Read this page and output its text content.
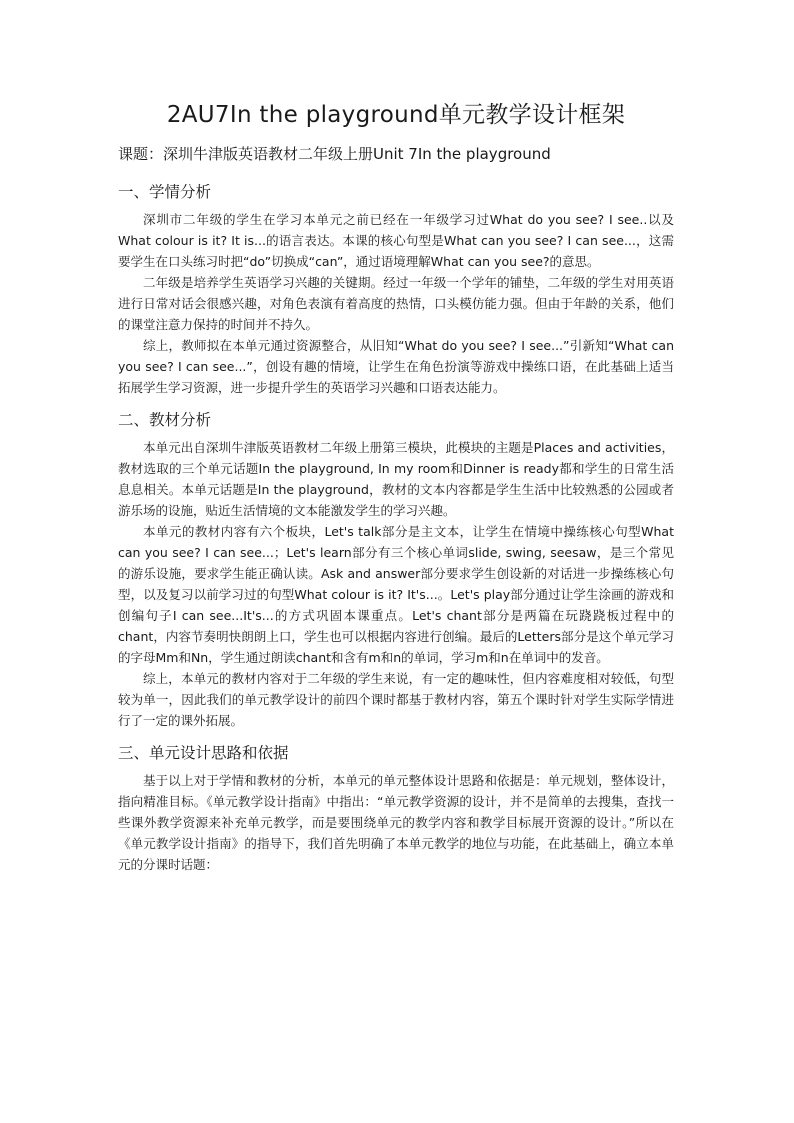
2AU7In the playground单元教学设计框架
课题：深圳牛津版英语教材二年级上册Unit 7In the playground
一、学情分析

深圳市二年级的学生在学习本单元之前已经在一年级学习过What do you see? I see..以及What colour is it? It is...的语言表达。本课的核心句型是What can you see? I can see...，这需要学生在口头练习时把“do”切换成“can”，通过语境理解What can you see?的意思。

二年级是培养学生英语学习兴趣的关键期。经过一年级一个学年的铺垫，二年级的学生对用英语进行日常对话会很感兴趣，对角色表演有着高度的热情，口头模仿能力强。但由于年龄的关系，他们的课堂注意力保持的时间并不持久。

综上，教师拟在本单元通过资源整合，从旧知“What do you see? I see...”引新知“What can you see? I can see...”，创设有趣的情境，让学生在角色扮演等游戏中操练口语，在此基础上适当拓展学生学习资源，进一步提升学生的英语学习兴趣和口语表达能力。

二、教材分析

本单元出自深圳牛津版英语教材二年级上册第三模块，此模块的主题是Places and activities，教材选取的三个单元话题In the playground, In my room和Dinner is ready都和学生的日常生活息息相关。本单元话题是In the playground，教材的文本内容都是学生生活中比较熟悉的公园或者游乐场的设施，贴近生活情境的文本能激发学生的学习兴趣。

本单元的教材内容有六个板块，Let's talk部分是主文本，让学生在情境中操练核心句型What can you see? I can see...；Let's learn部分有三个核心单词slide, swing, seesaw，是三个常见的游乐设施，要求学生能正确认读。Ask and answer部分要求学生创设新的对话进一步操练核心句型，以及复习以前学习过的句型What colour is it? It's...。Let's play部分通过让学生涂画的游戏和创编句子I can see...It's...的方式巩固本课重点。Let's chant部分是两篇在玩跷跷板过程中的chant，内容节奏明快朗朗上口，学生也可以根据内容进行创编。最后的Letters部分是这个单元学习的字母Mm和Nn，学生通过朗读chant和含有m和n的单词，学习m和n在单词中的发音。

综上，本单元的教材内容对于二年级的学生来说，有一定的趣味性，但内容难度相对较低，句型较为单一，因此我们的单元教学设计的前四个课时都基于教材内容，第五个课时针对学生实际学情进行了一定的课外拓展。

三、单元设计思路和依据

基于以上对于学情和教材的分析，本单元的单元整体设计思路和依据是：单元规划，整体设计，指向精准目标。《单元教学设计指南》中指出：“单元教学资源的设计，并不是简单的去搜集，查找一些课外教学资源来补充单元教学，而是要围绕单元的教学内容和教学目标展开资源的设计。”所以在《单元教学设计指南》的指导下，我们首先明确了本单元教学的地位与功能，在此基础上，确立本单元的分课时话题：
